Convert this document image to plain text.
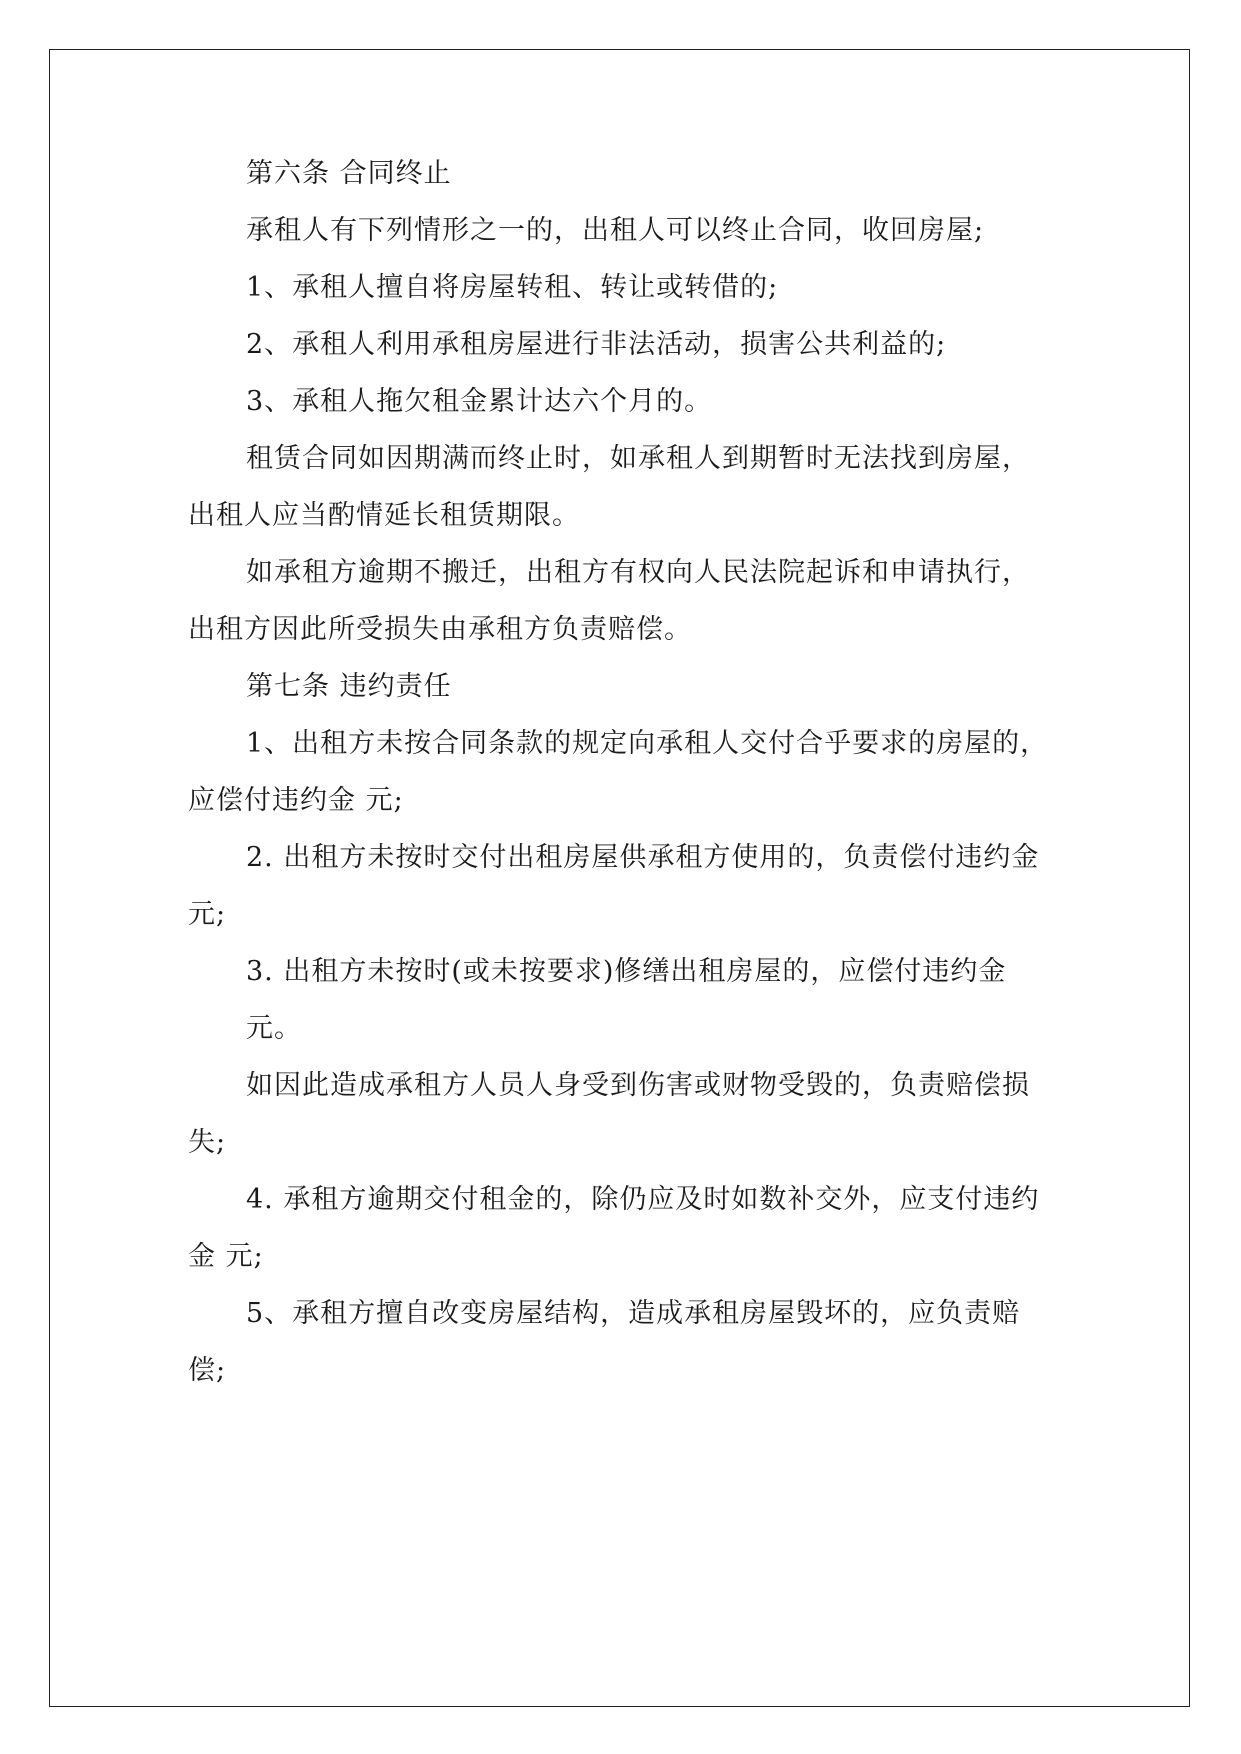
第六条 合同终止
承租人有下列情形之一的，出租人可以终止合同，收回房屋;
1、承租人擅自将房屋转租、转让或转借的;
2、承租人利用承租房屋进行非法活动，损害公共利益的;
3、承租人拖欠租金累计达六个月的。
租赁合同如因期满而终止时，如承租人到期暂时无法找到房屋，
出租人应当酌情延长租赁期限。
如承租方逾期不搬迁，出租方有权向人民法院起诉和申请执行，
出租方因此所受损失由承租方负责赔偿。
第七条 违约责任
1、出租方未按合同条款的规定向承租人交付合乎要求的房屋的，
应偿付违约金 元;
2. 出租方未按时交付出租房屋供承租方使用的，负责偿付违约金
元;
3. 出租方未按时(或未按要求)修缮出租房屋的，应偿付违约金
元。
如因此造成承租方人员人身受到伤害或财物受毁的，负责赔偿损
失;
4. 承租方逾期交付租金的，除仍应及时如数补交外，应支付违约
金 元;
5、承租方擅自改变房屋结构，造成承租房屋毁坏的，应负责赔
偿;
